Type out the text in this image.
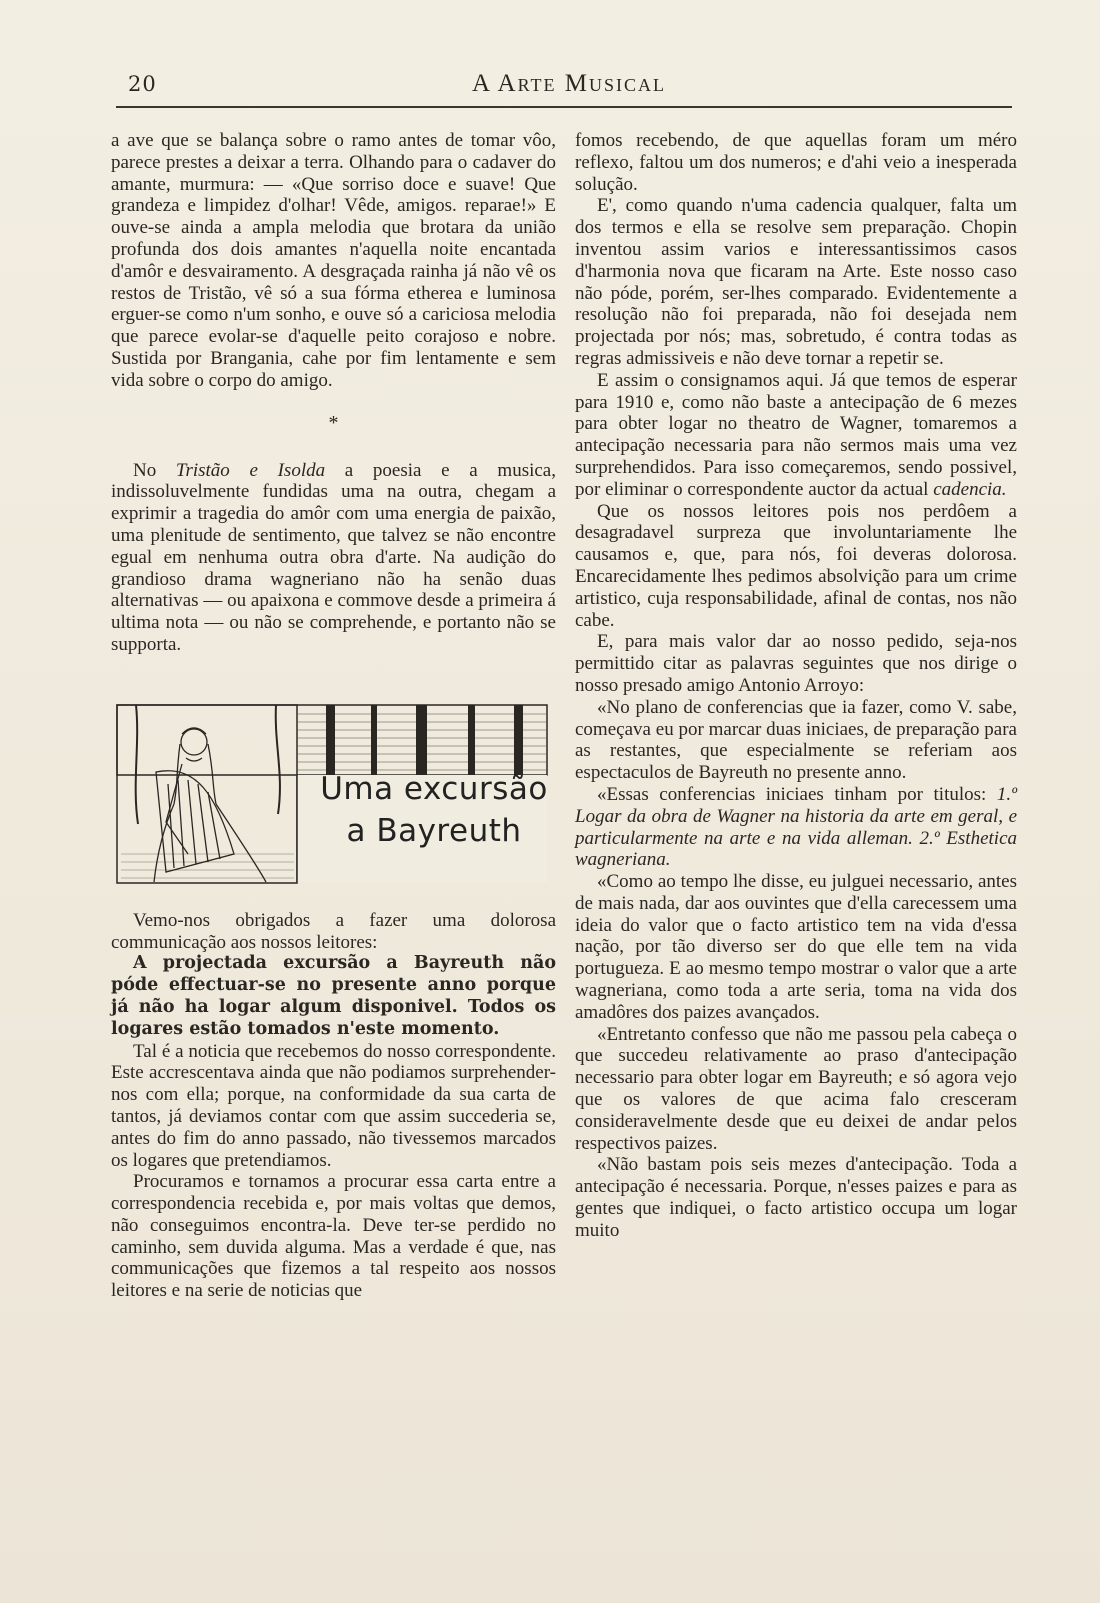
20	A Arte Musical

a ave que se balança sobre o ramo antes de tomar vôo, parece prestes a deixar a terra. Olhando para o cadaver do amante, murmura: — «Que sorriso doce e suave! Que grandeza e limpidez d'olhar! Vêde, amigos. reparae!» E ouve-se ainda a ampla melodia que brotara da união profunda dos dois amantes n'aquella noite encantada d'amôr e desvairamento. A desgraçada rainha já não vê os restos de Tristão, vê só a sua fórma etherea e luminosa erguer-se como n'um sonho, e ouve só a cariciosa melodia que parece evolar-se d'aquelle peito corajoso e nobre. Sustida por Brangania, cahe por fim lentamente e sem vida sobre o corpo do amigo.

*

No Tristão e Isolda a poesia e a musica, indissoluvelmente fundidas uma na outra, chegam a exprimir a tragedia do amôr com uma energia de paixão, uma plenitude de sentimento, que talvez se não encontre egual em nenhuma outra obra d'arte. Na audição do grandioso drama wagneriano não ha senão duas alternativas — ou apaixona e commove desde a primeira á ultima nota — ou não se comprehende, e portanto não se supporta.

Uma excursão
a Bayreuth

Vemo-nos obrigados a fazer uma dolorosa communicação aos nossos leitores:

A projectada excursão a Bayreuth não póde effectuar-se no presente anno porque já não ha logar algum disponivel. Todos os logares estão tomados n'este momento.

Tal é a noticia que recebemos do nosso correspondente. Este accrescentava ainda que não podiamos surprehender-nos com ella; porque, na conformidade da sua carta de tantos, já deviamos contar com que assim succederia se, antes do fim do anno passado, não tivessemos marcados os logares que pretendiamos.

Procuramos e tornamos a procurar essa carta entre a correspondencia recebida e, por mais voltas que demos, não conseguimos encontra-la. Deve ter-se perdido no caminho, sem duvida alguma. Mas a verdade é que, nas communicações que fizemos a tal respeito aos nossos leitores e na serie de noticias que

fomos recebendo, de que aquellas foram um méro reflexo, faltou um dos numeros; e d'ahi veio a inesperada solução.

E', como quando n'uma cadencia qualquer, falta um dos termos e ella se resolve sem preparação. Chopin inventou assim varios e interessantissimos casos d'harmonia nova que ficaram na Arte. Este nosso caso não póde, porém, ser-lhes comparado. Evidentemente a resolução não foi preparada, não foi desejada nem projectada por nós; mas, sobretudo, é contra todas as regras admissiveis e não deve tornar a repetir se.

E assim o consignamos aqui. Já que temos de esperar para 1910 e, como não baste a antecipação de 6 mezes para obter logar no theatro de Wagner, tomaremos a antecipação necessaria para não sermos mais uma vez surprehendidos. Para isso começaremos, sendo possivel, por eliminar o correspondente auctor da actual cadencia.

Que os nossos leitores pois nos perdôem a desagradavel surpreza que involuntariamente lhe causamos e, que, para nós, foi deveras dolorosa. Encarecidamente lhes pedimos absolvição para um crime artistico, cuja responsabilidade, afinal de contas, nos não cabe.

E, para mais valor dar ao nosso pedido, seja-nos permittido citar as palavras seguintes que nos dirige o nosso presado amigo Antonio Arroyo:

«No plano de conferencias que ia fazer, como V. sabe, começava eu por marcar duas iniciaes, de preparação para as restantes, que especialmente se referiam aos espectaculos de Bayreuth no presente anno.

«Essas conferencias iniciaes tinham por titulos: 1.º Logar da obra de Wagner na historia da arte em geral, e particularmente na arte e na vida alleman. 2.º Esthetica wagneriana.

«Como ao tempo lhe disse, eu julguei necessario, antes de mais nada, dar aos ouvintes que d'ella carecessem uma ideia do valor que o facto artistico tem na vida d'essa nação, por tão diverso ser do que elle tem na vida portugueza. E ao mesmo tempo mostrar o valor que a arte wagneriana, como toda a arte seria, toma na vida dos amadôres dos paizes avançados.

«Entretanto confesso que não me passou pela cabeça o que succedeu relativamente ao praso d'antecipação necessario para obter logar em Bayreuth; e só agora vejo que os valores de que acima falo cresceram consideravelmente desde que eu deixei de andar pelos respectivos paizes.

«Não bastam pois seis mezes d'antecipação. Toda a antecipação é necessaria. Porque, n'esses paizes e para as gentes que indiquei, o facto artistico occupa um logar muito
